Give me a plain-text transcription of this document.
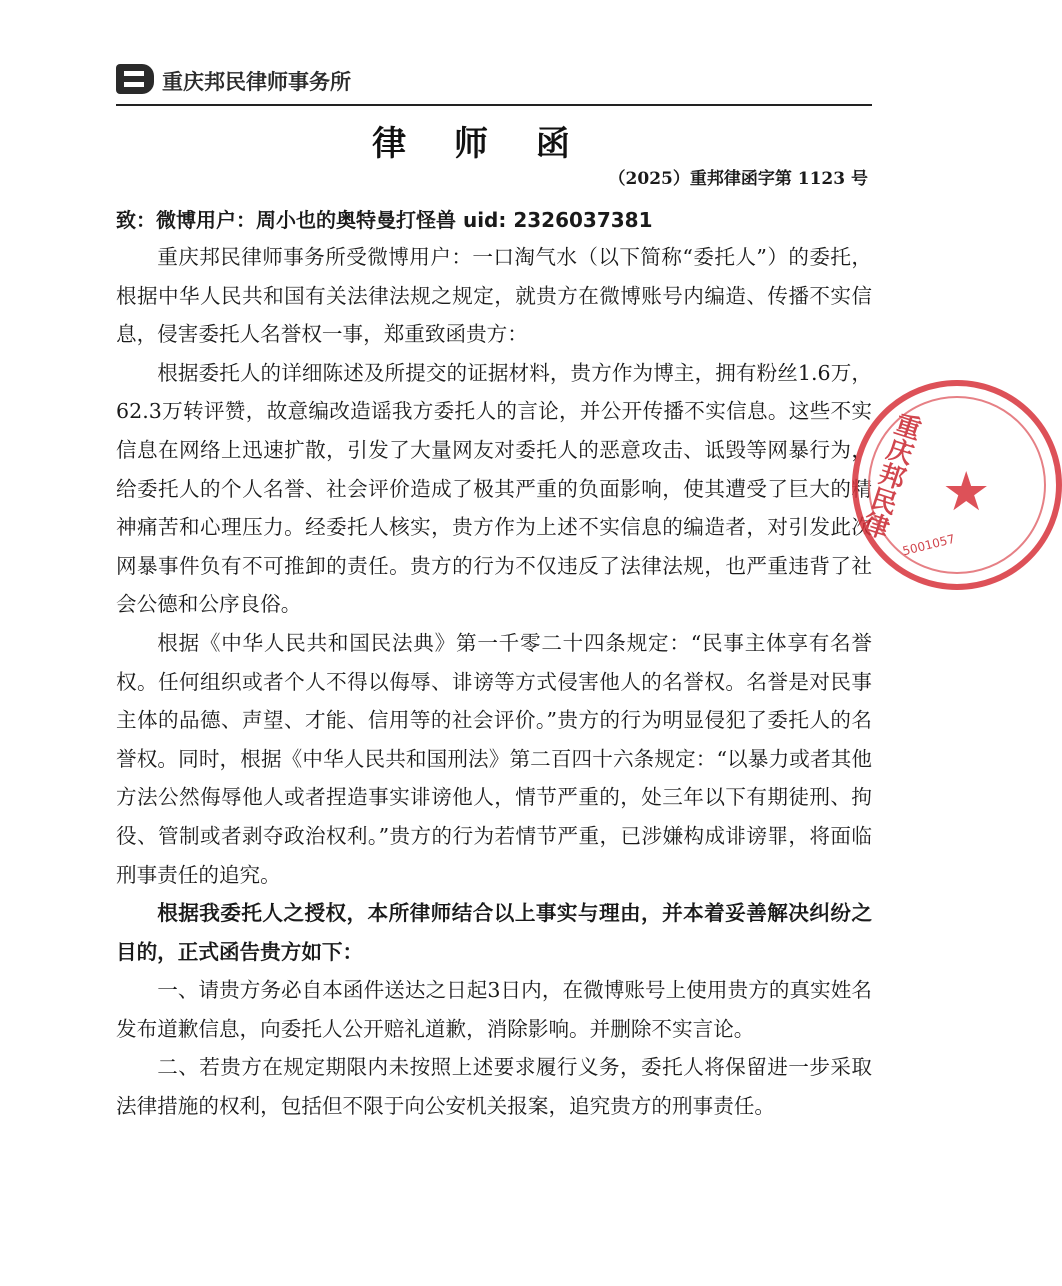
重庆邦民律师事务所
律 师 函
（2025）重邦律函字第 1123 号
致：微博用户：周小也的奥特曼打怪兽 uid: 2326037381

重庆邦民律师事务所受微博用户：一口淘气水（以下简称“委托人”）的委托，根据中华人民共和国有关法律法规之规定，就贵方在微博账号内编造、传播不实信息，侵害委托人名誉权一事，郑重致函贵方：

根据委托人的详细陈述及所提交的证据材料，贵方作为博主，拥有粉丝1.6万，62.3万转评赞，故意编改造谣我方委托人的言论，并公开传播不实信息。这些不实信息在网络上迅速扩散，引发了大量网友对委托人的恶意攻击、诋毁等网暴行为，给委托人的个人名誉、社会评价造成了极其严重的负面影响，使其遭受了巨大的精神痛苦和心理压力。经委托人核实，贵方作为上述不实信息的编造者，对引发此次网暴事件负有不可推卸的责任。贵方的行为不仅违反了法律法规，也严重违背了社会公德和公序良俗。

根据《中华人民共和国民法典》第一千零二十四条规定：“民事主体享有名誉权。任何组织或者个人不得以侮辱、诽谤等方式侵害他人的名誉权。名誉是对民事主体的品德、声望、才能、信用等的社会评价。”贵方的行为明显侵犯了委托人的名誉权。同时，根据《中华人民共和国刑法》第二百四十六条规定：“以暴力或者其他方法公然侮辱他人或者捏造事实诽谤他人，情节严重的，处三年以下有期徒刑、拘役、管制或者剥夺政治权利。”贵方的行为若情节严重，已涉嫌构成诽谤罪，将面临刑事责任的追究。

根据我委托人之授权，本所律师结合以上事实与理由，并本着妥善解决纠纷之目的，正式函告贵方如下：

一、请贵方务必自本函件送达之日起3日内，在微博账号上使用贵方的真实姓名发布道歉信息，向委托人公开赔礼道歉，消除影响。并删除不实言论。

二、若贵方在规定期限内未按照上述要求履行义务，委托人将保留进一步采取法律措施的权利，包括但不限于向公安机关报案，追究贵方的刑事责任。

重庆邦民律 ★
5001057
